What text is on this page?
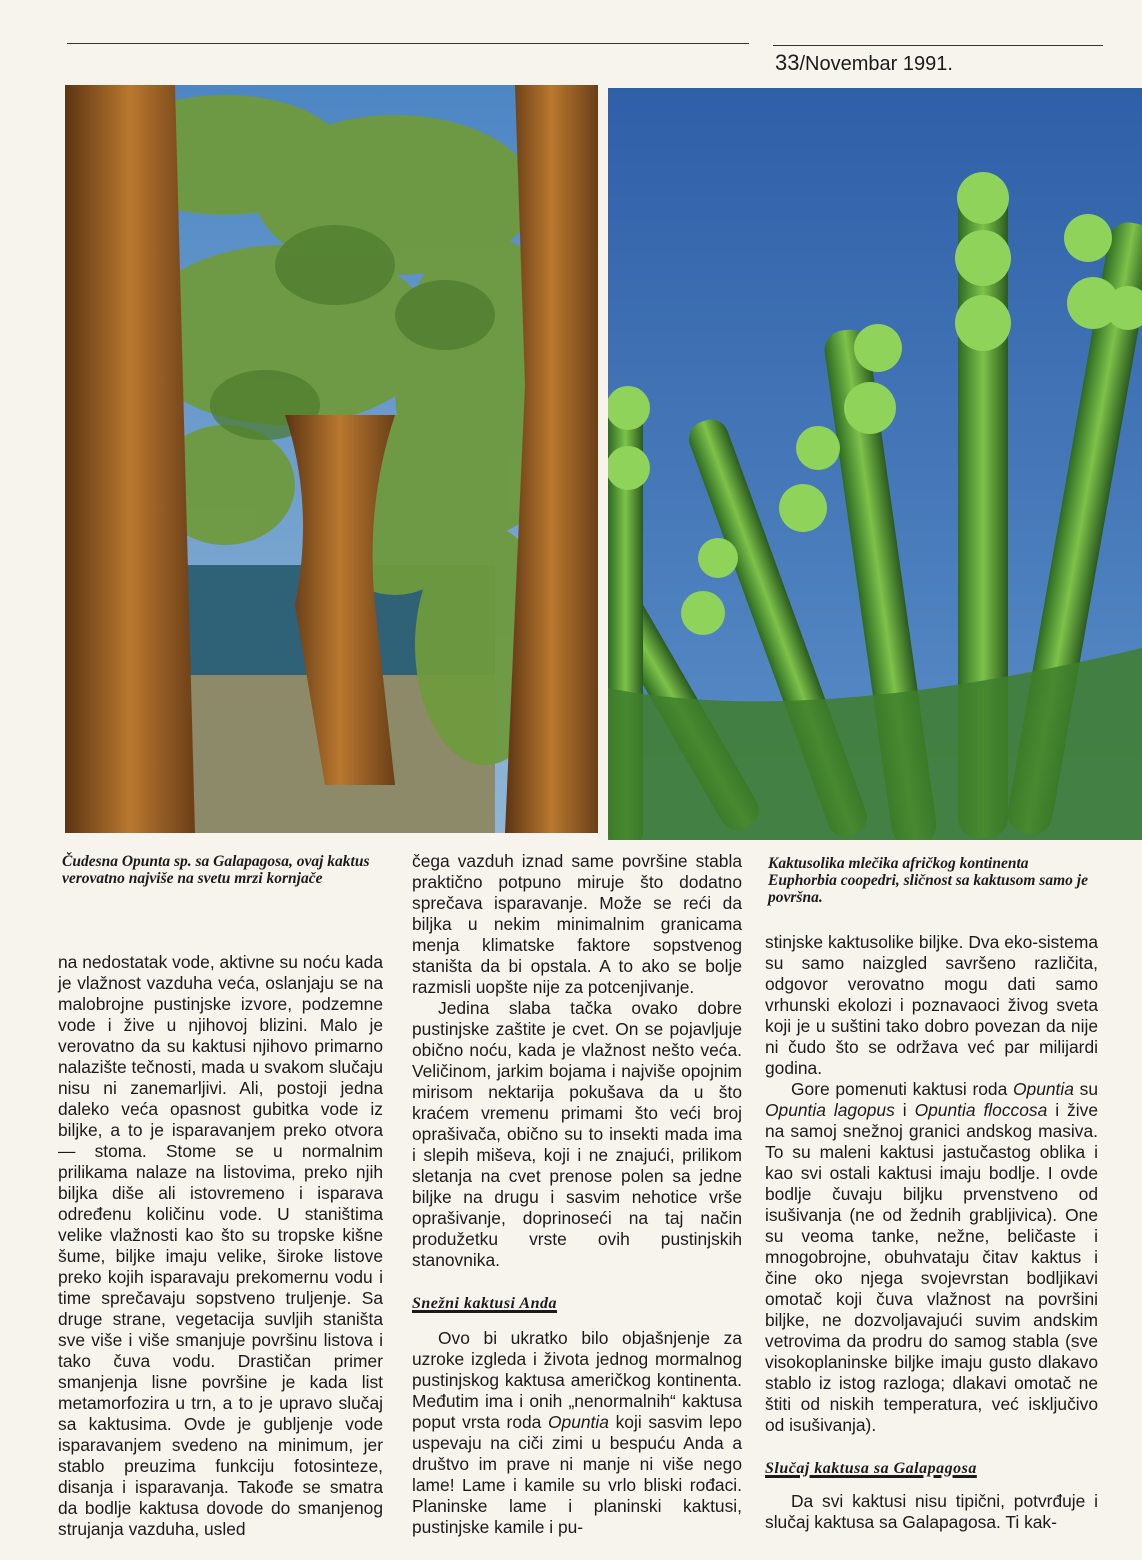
33/Novembar 1991.

Čudesna Opunta sp. sa Galapagosa, ovaj kaktus verovatno najviše na svetu mrzi kornjače

Kaktusolika mlečika afričkog kontinenta Euphorbia coopedri, sličnost sa kaktusom samo je površna.

na nedostatak vode, aktivne su noću kada je vlažnost vazduha veća, oslanjaju se na malobrojne pustinjske izvore, podzemne vode i žive u njihovoj blizini. Malo je verovatno da su kaktusi njihovo primarno nalazište tečnosti, mada u svakom slučaju nisu ni zanemarljivi. Ali, postoji jedna daleko veća opasnost gubitka vode iz biljke, a to je isparavanjem preko otvora — stoma. Stome se u normalnim prilikama nalaze na listovima, preko njih biljka diše ali istovremeno i isparava određenu količinu vode. U staništima velike vlažnosti kao što su tropske kišne šume, biljke imaju velike, široke listove preko kojih isparavaju prekomernu vodu i time sprečavaju sopstveno truljenje. Sa druge strane, vegetacija suvljih staništa sve više i više smanjuje površinu listova i tako čuva vodu. Drastičan primer smanjenja lisne površine je kada list metamorfozira u trn, a to je upravo slučaj sa kaktusima. Ovde je gubljenje vode isparavanjem svedeno na minimum, jer stablo preuzima funkciju fotosinteze, disanja i isparavanja. Takođe se smatra da bodlje kaktusa dovode do smanjenog strujanja vazduha, usled

čega vazduh iznad same površine stabla praktično potpuno miruje što dodatno sprečava isparavanje. Može se reći da biljka u nekim minimalnim granicama menja klimatske faktore sopstvenog staništa da bi opstala. A to ako se bolje razmisli uopšte nije za potcenjivanje.

Jedina slaba tačka ovako dobre pustinjske zaštite je cvet. On se pojavljuje obično noću, kada je vlažnost nešto veća. Veličinom, jarkim bojama i najviše opojnim mirisom nektarija pokušava da u što kraćem vremenu primami što veći broj oprašivača, obično su to insekti mada ima i slepih miševa, koji i ne znajući, prilikom sletanja na cvet prenose polen sa jedne biljke na drugu i sasvim nehotice vrše oprašivanje, doprinoseći na taj način produžetku vrste ovih pustinjskih stanovnika.

Snežni kaktusi Anda

Ovo bi ukratko bilo objašnjenje za uzroke izgleda i života jednog mormalnog pustinjskog kaktusa američkog kontinenta. Međutim ima i onih „nenormalnih“ kaktusa poput vrsta roda Opuntia koji sasvim lepo uspevaju na ciči zimi u bespuću Anda a društvo im prave ni manje ni više nego lame! Lame i kamile su vrlo bliski rođaci. Planinske lame i planinski kaktusi, pustinjske kamile i pu-

stinjske kaktusolike biljke. Dva eko-sistema su samo naizgled savršeno različita, odgovor verovatno mogu dati samo vrhunski ekolozi i poznavaoci živog sveta koji je u suštini tako dobro povezan da nije ni čudo što se održava već par milijardi godina.

Gore pomenuti kaktusi roda Opuntia su Opuntia lagopus i Opuntia floccosa i žive na samoj snežnoj granici andskog masiva. To su maleni kaktusi jastučastog oblika i kao svi ostali kaktusi imaju bodlje. I ovde bodlje čuvaju biljku prvenstveno od isušivanja (ne od žednih grabljivica). One su veoma tanke, nežne, beličaste i mnogobrojne, obuhvataju čitav kaktus i čine oko njega svojevrstan bodljikavi omotač koji čuva vlažnost na površini biljke, ne dozvoljavajući suvim andskim vetrovima da prodru do samog stabla (sve visokoplaninske biljke imaju gusto dlakavo stablo iz istog razloga; dlakavi omotač ne štiti od niskih temperatura, već isključivo od isušivanja).

Slučaj kaktusa sa Galapagosa

Da svi kaktusi nisu tipični, potvrđuje i slučaj kaktusa sa Galapagosa. Ti kak-
